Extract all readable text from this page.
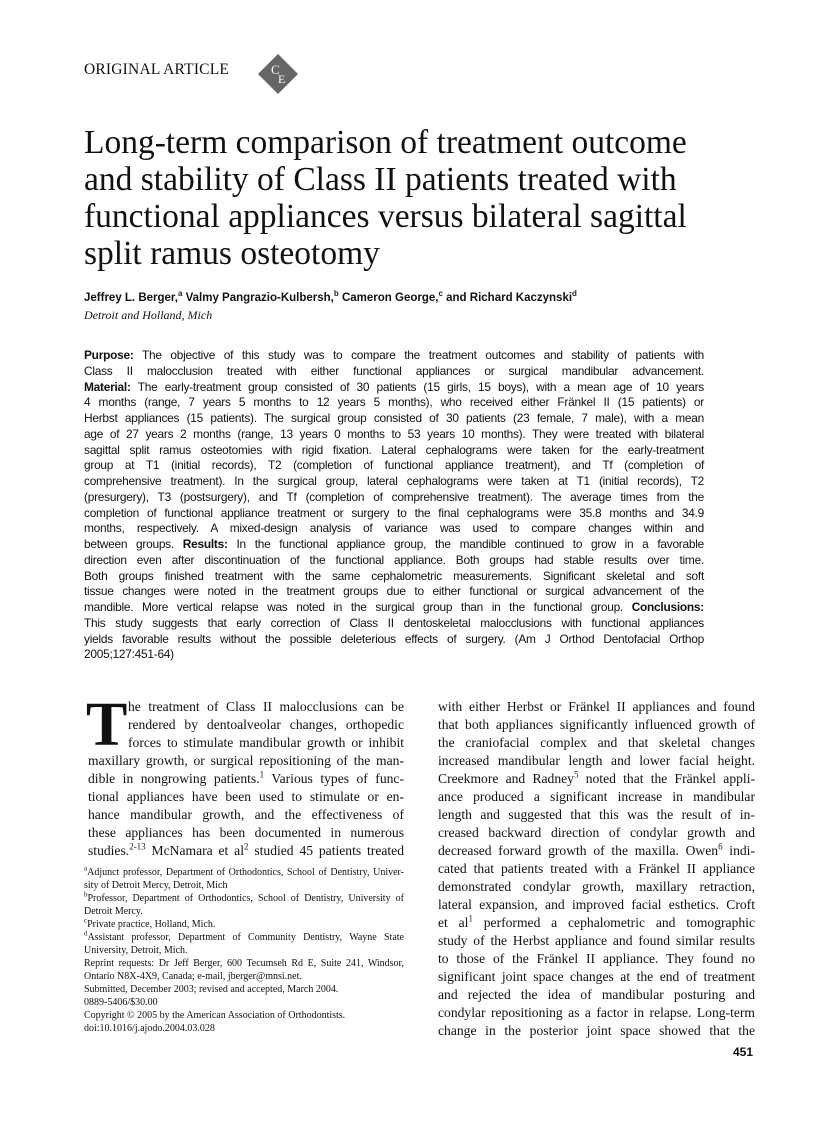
ORIGINAL ARTICLE	C
E
Long-term comparison of treatment outcome
and stability of Class II patients treated with
functional appliances versus bilateral sagittal
split ramus osteotomy
Jeffrey L. Berger,$^a$ Valmy Pangrazio-Kulbersh,$^b$ Cameron George,$^c$ and Richard Kaczynski$^d$
Detroit and Holland, Mich
Purpose: The objective of this study was to compare the treatment outcomes and stability of patients with
Class II malocclusion treated with either functional appliances or surgical mandibular advancement.
Material: The early-treatment group consisted of 30 patients (15 girls, 15 boys), with a mean age of 10 years
4 months (range, 7 years 5 months to 12 years 5 months), who received either Fränkel II (15 patients) or
Herbst appliances (15 patients). The surgical group consisted of 30 patients (23 female, 7 male), with a mean
age of 27 years 2 months (range, 13 years 0 months to 53 years 10 months). They were treated with bilateral
sagittal split ramus osteotomies with rigid fixation. Lateral cephalograms were taken for the early-treatment
group at T1 (initial records), T2 (completion of functional appliance treatment), and Tf (completion of
comprehensive treatment). In the surgical group, lateral cephalograms were taken at T1 (initial records), T2
(presurgery), T3 (postsurgery), and Tf (completion of comprehensive treatment). The average times from the
completion of functional appliance treatment or surgery to the final cephalograms were 35.8 months and 34.9
months, respectively. A mixed-design analysis of variance was used to compare changes within and
between groups. Results: In the functional appliance group, the mandible continued to grow in a favorable
direction even after discontinuation of the functional appliance. Both groups had stable results over time.
Both groups finished treatment with the same cephalometric measurements. Significant skeletal and soft
tissue changes were noted in the treatment groups due to either functional or surgical advancement of the
mandible. More vertical relapse was noted in the surgical group than in the functional group. Conclusions:
This study suggests that early correction of Class II dentoskeletal malocclusions with functional appliances
yields favorable results without the possible deleterious effects of surgery. (Am J Orthod Dentofacial Orthop
2005;127:451-64)
T he treatment of Class II malocclusions can be
rendered by dentoalveolar changes, orthopedic
forces to stimulate mandibular growth or inhibit
maxillary growth, or surgical repositioning of the man-
dible in nongrowing patients.$^1$ Various types of func-
tional appliances have been used to stimulate or en-
hance mandibular growth, and the effectiveness of
these appliances has been documented in numerous
studies.$^{2-13}$ McNamara et $al^2$ studied 45 patients treated
$^a$Adjunct professor, Department of Orthodontics, School of Dentistry, Univer-
sity of Detroit Mercy, Detroit, Mich
$^b$Professor, Department of Orthodontics, School of Dentistry, University of
Detroit Mercy.
$^c$Private practice, Holland, Mich.
$^d$Assistant professor, Department of Community Dentistry, Wayne State
University, Detroit, Mich.
Reprint requests: Dr Jeff Berger, 600 Tecumseh Rd E, Suite 241, Windsor,
Ontario N8X-4X9, Canada; e-mail, jberger@mnsi.net.
Submitted, December 2003; revised and accepted, March 2004.
0889-5406/$30.00
Copyright © 2005 by the American Association of Orthodontists.
doi:10.1016/j.ajodo.2004.03.028
with either Herbst or Fränkel II appliances and found
that both appliances significantly influenced growth of
the craniofacial complex and that skeletal changes
increased mandibular length and lower facial height.
Creekmore and Radney$^5$ noted that the Fränkel appli-
ance produced a significant increase in mandibular
length and suggested that this was the result of in-
creased backward direction of condylar growth and
decreased forward growth of the maxilla. Owen$^6$ indi-
cated that patients treated with a Fränkel II appliance
demonstrated condylar growth, maxillary retraction,
lateral expansion, and improved facial esthetics. Croft
et $al^1$ performed a cephalometric and tomographic
study of the Herbst appliance and found similar results
to those of the Fränkel II appliance. They found no
significant joint space changes at the end of treatment
and rejected the idea of mandibular posturing and
condylar repositioning as a factor in relapse. Long-term
change in the posterior joint space showed that the
451
